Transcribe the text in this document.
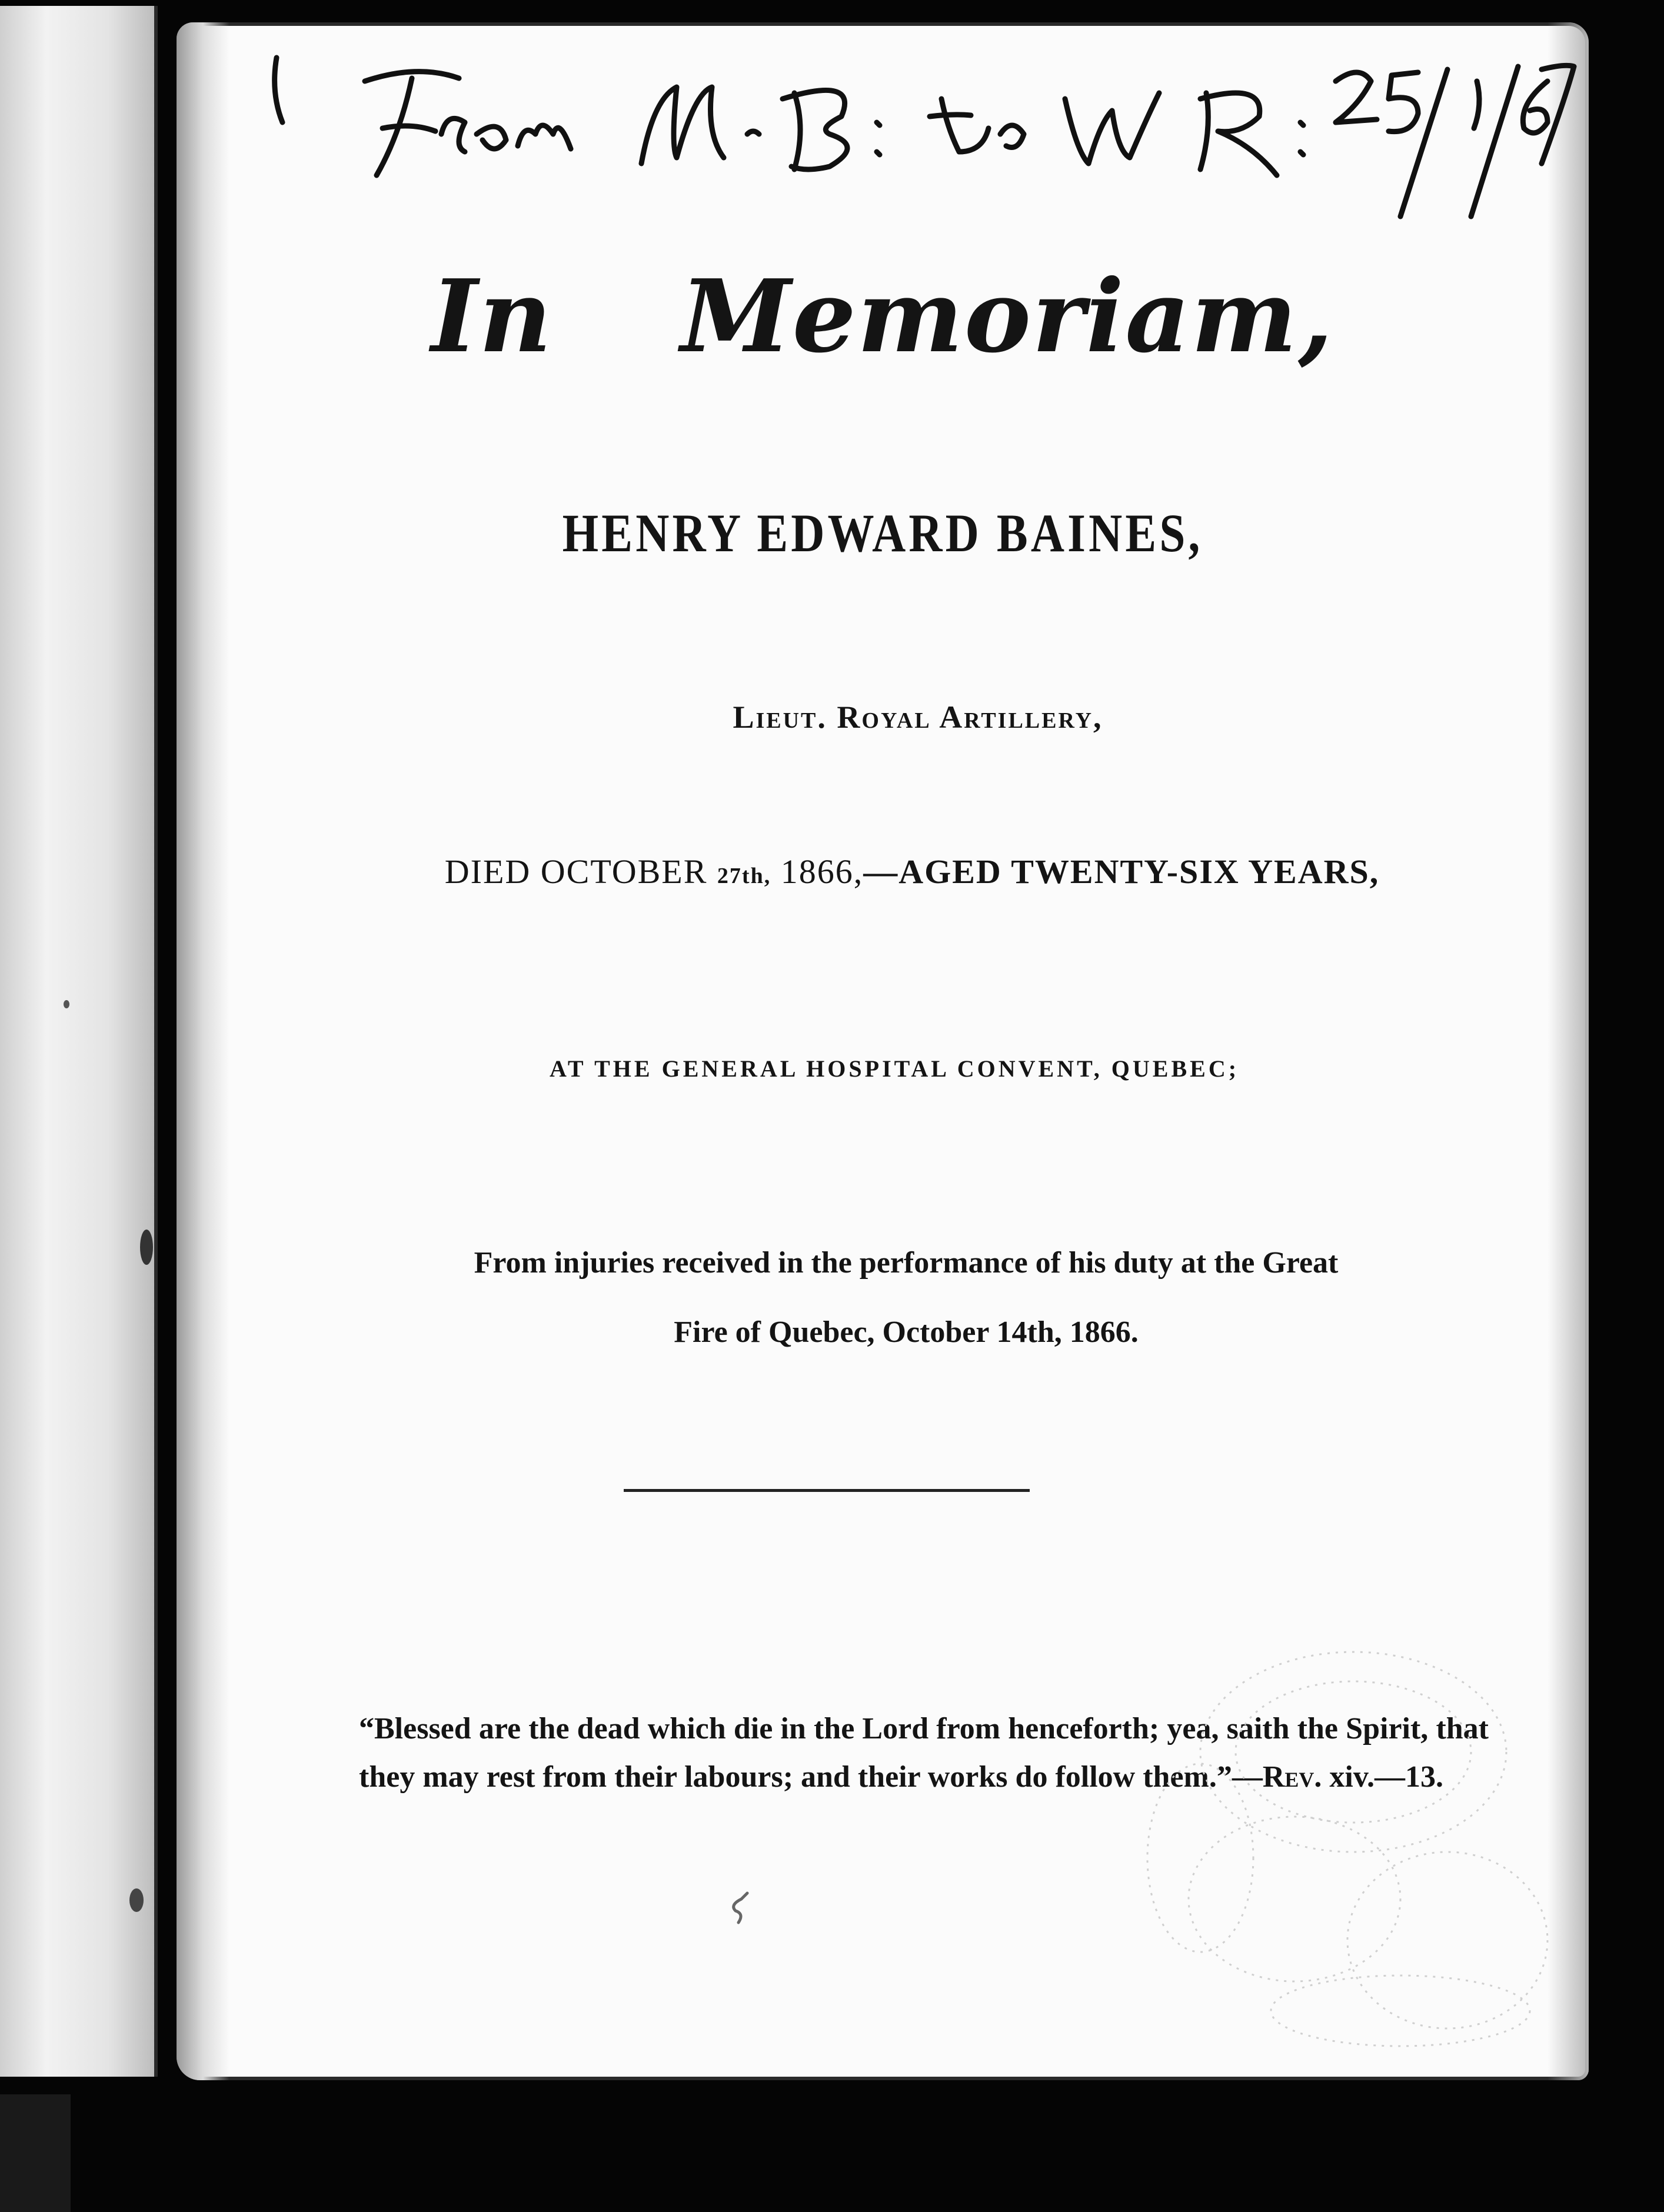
In Memoriam,
HENRY EDWARD BAINES,
Lieut. Royal Artillery,
DIED OCTOBER 27th, 1866,—AGED TWENTY-SIX YEARS,
AT THE GENERAL HOSPITAL CONVENT, QUEBEC;
From injuries received in the performance of his duty at the Great
Fire of Quebec, October 14th, 1866.
“Blessed are the dead which die in the Lord from henceforth; yea, saith the Spirit, that they may rest from their labours; and their works do follow them.”—Rev. xiv.—13.
